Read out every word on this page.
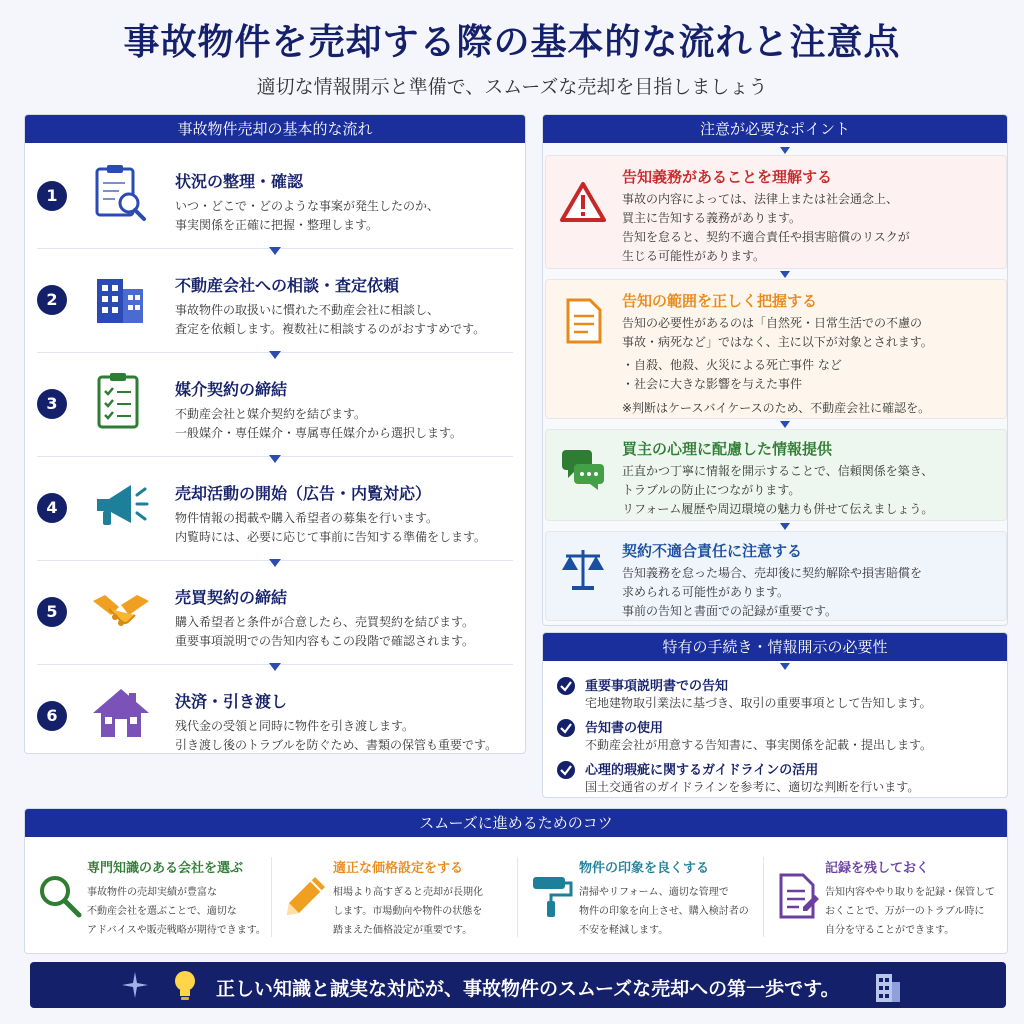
事故物件を売却する際の基本的な流れと注意点
適切な情報開示と準備で、スムーズな売却を目指しましょう
事故物件売却の基本的な流れ
1
状況の整理・確認
いつ・どこで・どのような事案が発生したのか、
事実関係を正確に把握・整理します。
2
不動産会社への相談・査定依頼
事故物件の取扱いに慣れた不動産会社に相談し、
査定を依頼します。複数社に相談するのがおすすめです。
3
媒介契約の締結
不動産会社と媒介契約を結びます。
一般媒介・専任媒介・専属専任媒介から選択します。
4
売却活動の開始（広告・内覧対応）
物件情報の掲載や購入希望者の募集を行います。
内覧時には、必要に応じて事前に告知する準備をします。
5
売買契約の締結
購入希望者と条件が合意したら、売買契約を結びます。
重要事項説明での告知内容もこの段階で確認されます。
6
決済・引き渡し
残代金の受領と同時に物件を引き渡します。
引き渡し後のトラブルを防ぐため、書類の保管も重要です。
注意が必要なポイント
告知義務があることを理解する
事故の内容によっては、法律上または社会通念上、
買主に告知する義務があります。
告知を怠ると、契約不適合責任や損害賠償のリスクが
生じる可能性があります。
告知の範囲を正しく把握する
告知の必要性があるのは「自然死・日常生活での不慮の
事故・病死など」ではなく、主に以下が対象とされます。
・自殺、他殺、火災による死亡事件 など
・社会に大きな影響を与えた事件
※判断はケースバイケースのため、不動産会社に確認を。
買主の心理に配慮した情報提供
正直かつ丁寧に情報を開示することで、信頼関係を築き、
トラブルの防止につながります。
リフォーム履歴や周辺環境の魅力も併せて伝えましょう。
契約不適合責任に注意する
告知義務を怠った場合、売却後に契約解除や損害賠償を
求められる可能性があります。
事前の告知と書面での記録が重要です。
特有の手続き・情報開示の必要性
重要事項説明書での告知
宅地建物取引業法に基づき、取引の重要事項として告知します。
告知書の使用
不動産会社が用意する告知書に、事実関係を記載・提出します。
心理的瑕疵に関するガイドラインの活用
国土交通省のガイドラインを参考に、適切な判断を行います。
スムーズに進めるためのコツ
専門知識のある会社を選ぶ
事故物件の売却実績が豊富な
不動産会社を選ぶことで、適切な
アドバイスや販売戦略が期待できます。
適正な価格設定をする
相場より高すぎると売却が長期化
します。市場動向や物件の状態を
踏まえた価格設定が重要です。
物件の印象を良くする
清掃やリフォーム、適切な管理で
物件の印象を向上させ、購入検討者の
不安を軽減します。
記録を残しておく
告知内容ややり取りを記録・保管して
おくことで、万が一のトラブル時に
自分を守ることができます。
正しい知識と誠実な対応が、事故物件のスムーズな売却への第一歩です。
